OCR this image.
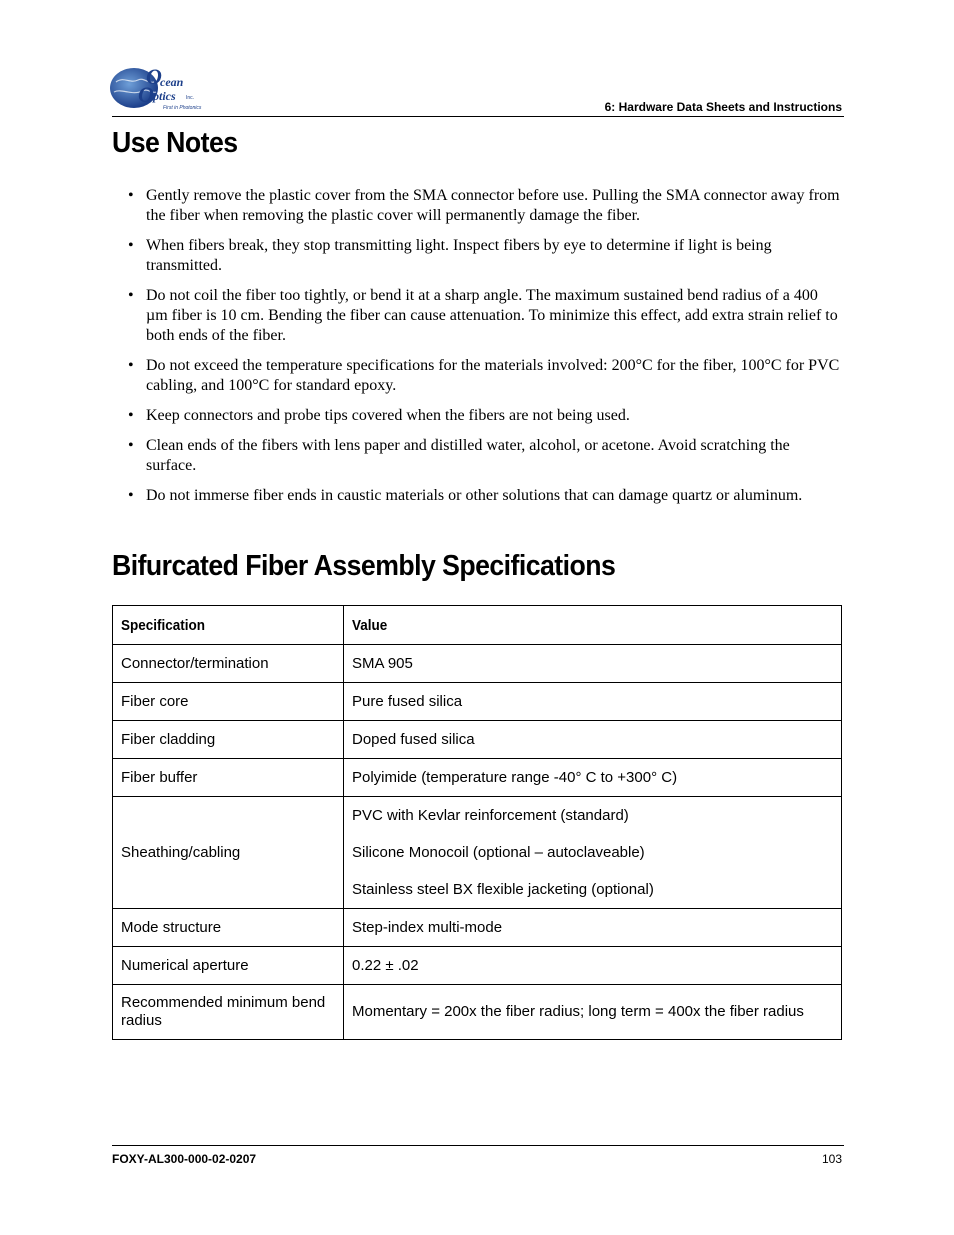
O
cean
O ptics Inc.
First in Photonics	6: Hardware Data Sheets and Instructions
Use Notes
• Gently remove the plastic cover from the SMA connector before use. Pulling the SMA connector away from the fiber when removing the plastic cover will permanently damage the fiber.
• When fibers break, they stop transmitting light. Inspect fibers by eye to determine if light is being transmitted.
• Do not coil the fiber too tightly, or bend it at a sharp angle. The maximum sustained bend radius of a 400 µm fiber is 10 cm. Bending the fiber can cause attenuation. To minimize this effect, add extra strain relief to both ends of the fiber.
• Do not exceed the temperature specifications for the materials involved: 200°C for the fiber, 100°C for PVC cabling, and 100°C for standard epoxy.
• Keep connectors and probe tips covered when the fibers are not being used.
• Clean ends of the fibers with lens paper and distilled water, alcohol, or acetone. Avoid scratching the surface.
• Do not immerse fiber ends in caustic materials or other solutions that can damage quartz or aluminum.
Bifurcated Fiber Assembly Specifications
Specification	Value
Connector/termination	SMA 905
Fiber core	Pure fused silica
Fiber cladding	Doped fused silica
Fiber buffer	Polyimide (temperature range -40° C to +300° C)
Sheathing/cabling	PVC with Kevlar reinforcement (standard)
Silicone Monocoil (optional – autoclaveable)
Stainless steel BX flexible jacketing (optional)

Mode structure	Step-index multi-mode
Numerical aperture	0.22 ± .02
Recommended minimum bend radius	Momentary = 200x the fiber radius; long term = 400x the fiber radius
FOXY-AL300-000-02-0207	103
